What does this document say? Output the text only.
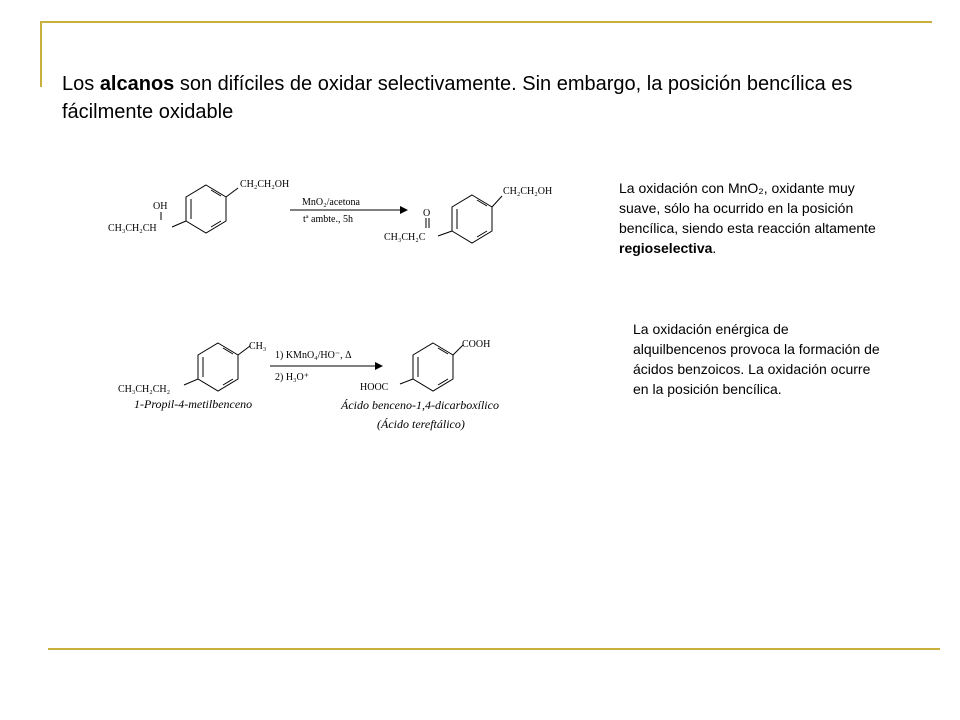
Los alcanos son difíciles de oxidar selectivamente. Sin embargo, la posición bencílica es fácilmente oxidable
CH₂CH₂OH
OH
CH₃CH₂CH
MnO₂/acetona
tª ambte., 5h
CH₂CH₂OH
O
CH₃CH₂C
CH₃
CH₃CH₂CH₂
1-Propil-4-metilbenceno
1) KMnO₄/HO⁻, Δ
2) H₃O⁺
COOH
HOOC
Ácido benceno-1,4-dicarboxílico
(Ácido tereftálico)
La oxidación con MnO₂, oxidante muy suave, sólo ha ocurrido en la posición bencílica, siendo esta reacción altamente regioselectiva.
La oxidación enérgica de alquilbencenos provoca la formación de ácidos benzoicos. La oxidación ocurre en la posición bencílica.
